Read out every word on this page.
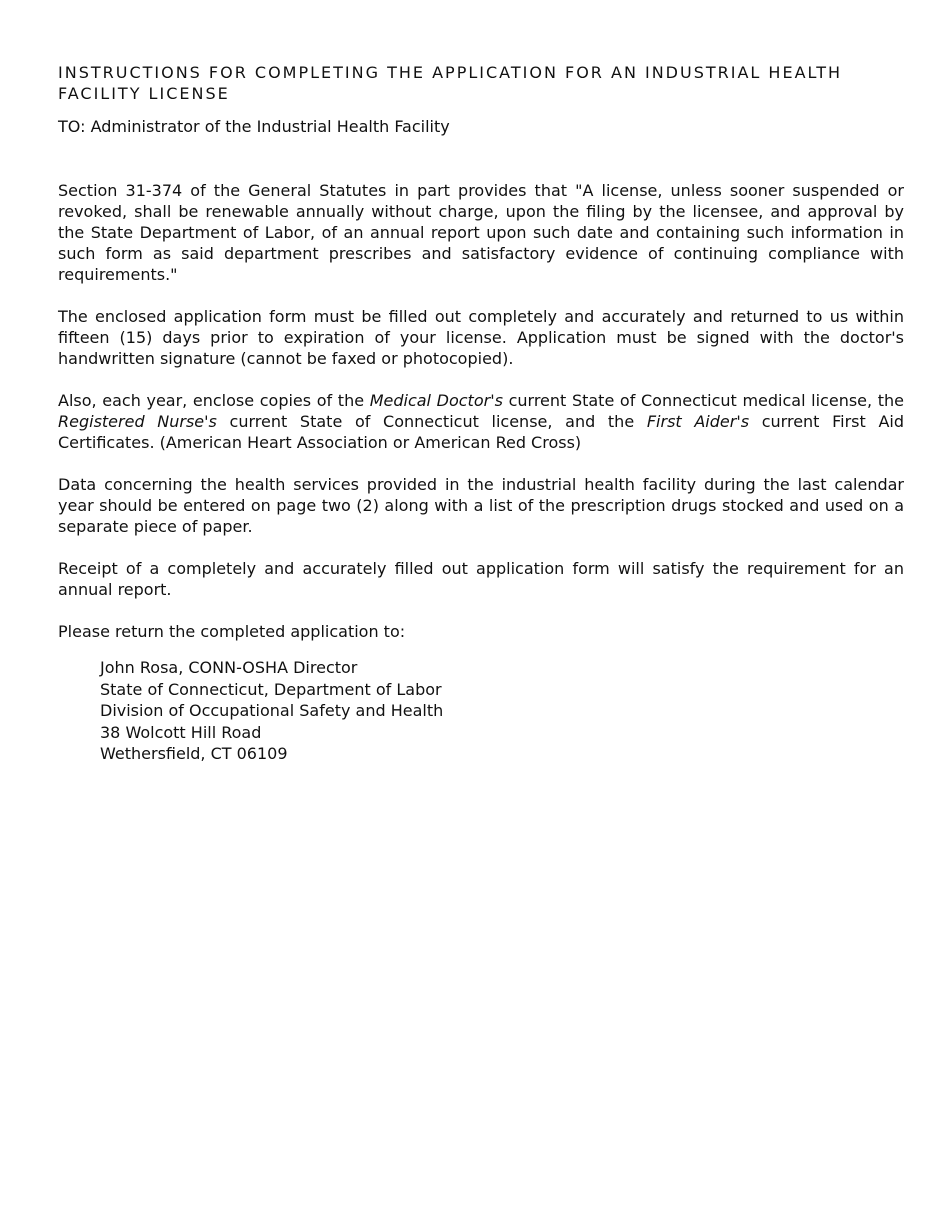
INSTRUCTIONS FOR COMPLETING THE APPLICATION FOR AN INDUSTRIAL HEALTH FACILITY LICENSE
TO: Administrator of the Industrial Health Facility

Section 31-374 of the General Statutes in part provides that "A license, unless sooner suspended or revoked, shall be renewable annually without charge, upon the filing by the licensee, and approval by the State Department of Labor, of an annual report upon such date and containing such information in such form as said department prescribes and satisfactory evidence of continuing compliance with requirements."

The enclosed application form must be filled out completely and accurately and returned to us within fifteen (15) days prior to expiration of your license. Application must be signed with the doctor's handwritten signature (cannot be faxed or photocopied).

Also, each year, enclose copies of the Medical Doctor's current State of Connecticut medical license, the Registered Nurse's current State of Connecticut license, and the First Aider's current First Aid Certificates. (American Heart Association or American Red Cross)

Data concerning the health services provided in the industrial health facility during the last calendar year should be entered on page two (2) along with a list of the prescription drugs stocked and used on a separate piece of paper.

Receipt of a completely and accurately filled out application form will satisfy the requirement for an annual report.

Please return the completed application to:
John Rosa, CONN-OSHA Director
State of Connecticut, Department of Labor
Division of Occupational Safety and Health
38 Wolcott Hill Road
Wethersfield, CT 06109
